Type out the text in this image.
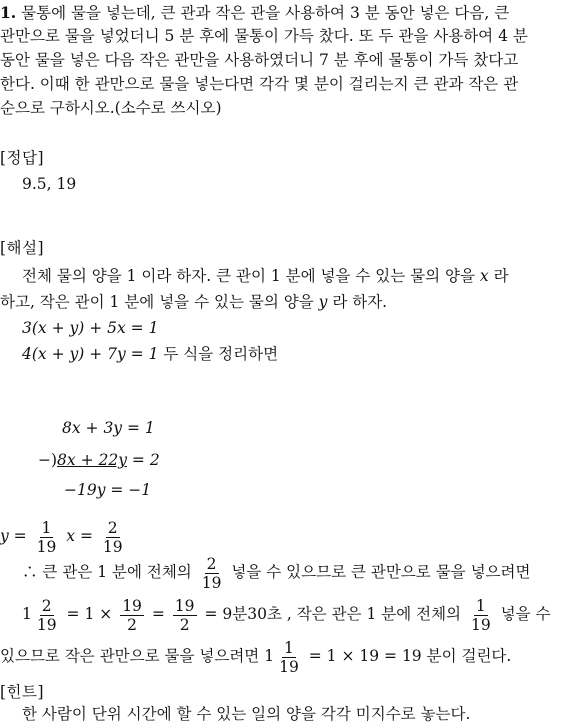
1. 물통에 물을 넣는데, 큰 관과 작은 관을 사용하여 3 분 동안 넣은 다음, 큰
관만으로 물을 넣었더니 5 분 후에 물통이 가득 찼다. 또 두 관을 사용하여 4 분
동안 물을 넣은 다음 작은 관만을 사용하였더니 7 분 후에 물통이 가득 찼다고
한다. 이때 한 관만으로 물을 넣는다면 각각 몇 분이 걸리는지 큰 관과 작은 관
순으로 구하시오.(소수로 쓰시오)
[정답]
9.5, 19
[해설]
전체 물의 양을 1 이라 하자. 큰 관이 1 분에 넣을 수 있는 물의 양을 x 라
하고, 작은 관이 1 분에 넣을 수 있는 물의 양을 y 라 하자.
3(x + y) + 5x = 1
4(x + y) + 7y = 1 두 식을 정리하면
8x + 3y = 1
−)8x + 22y = 2
−19y = −1
$y = \frac{1}{19}$ $x = \frac{2}{19}$
∴ 큰 관은 1 분에 전체의 $\frac{2}{19}$ 넣을 수 있으므로 큰 관만으로 물을 넣으려면
$1 \frac{2}{19} = 1 \times \frac{19}{2} = \frac{19}{2} = 9$분30초 , 작은 관은 1 분에 전체의 $\frac{1}{19}$ 넣을 수
있으므로 작은 관만으로 물을 넣으려면 $1 \frac{1}{19} = 1 \times 19 = 19$ 분이 걸린다.
[힌트]
한 사람이 단위 시간에 할 수 있는 일의 양을 각각 미지수로 놓는다.
